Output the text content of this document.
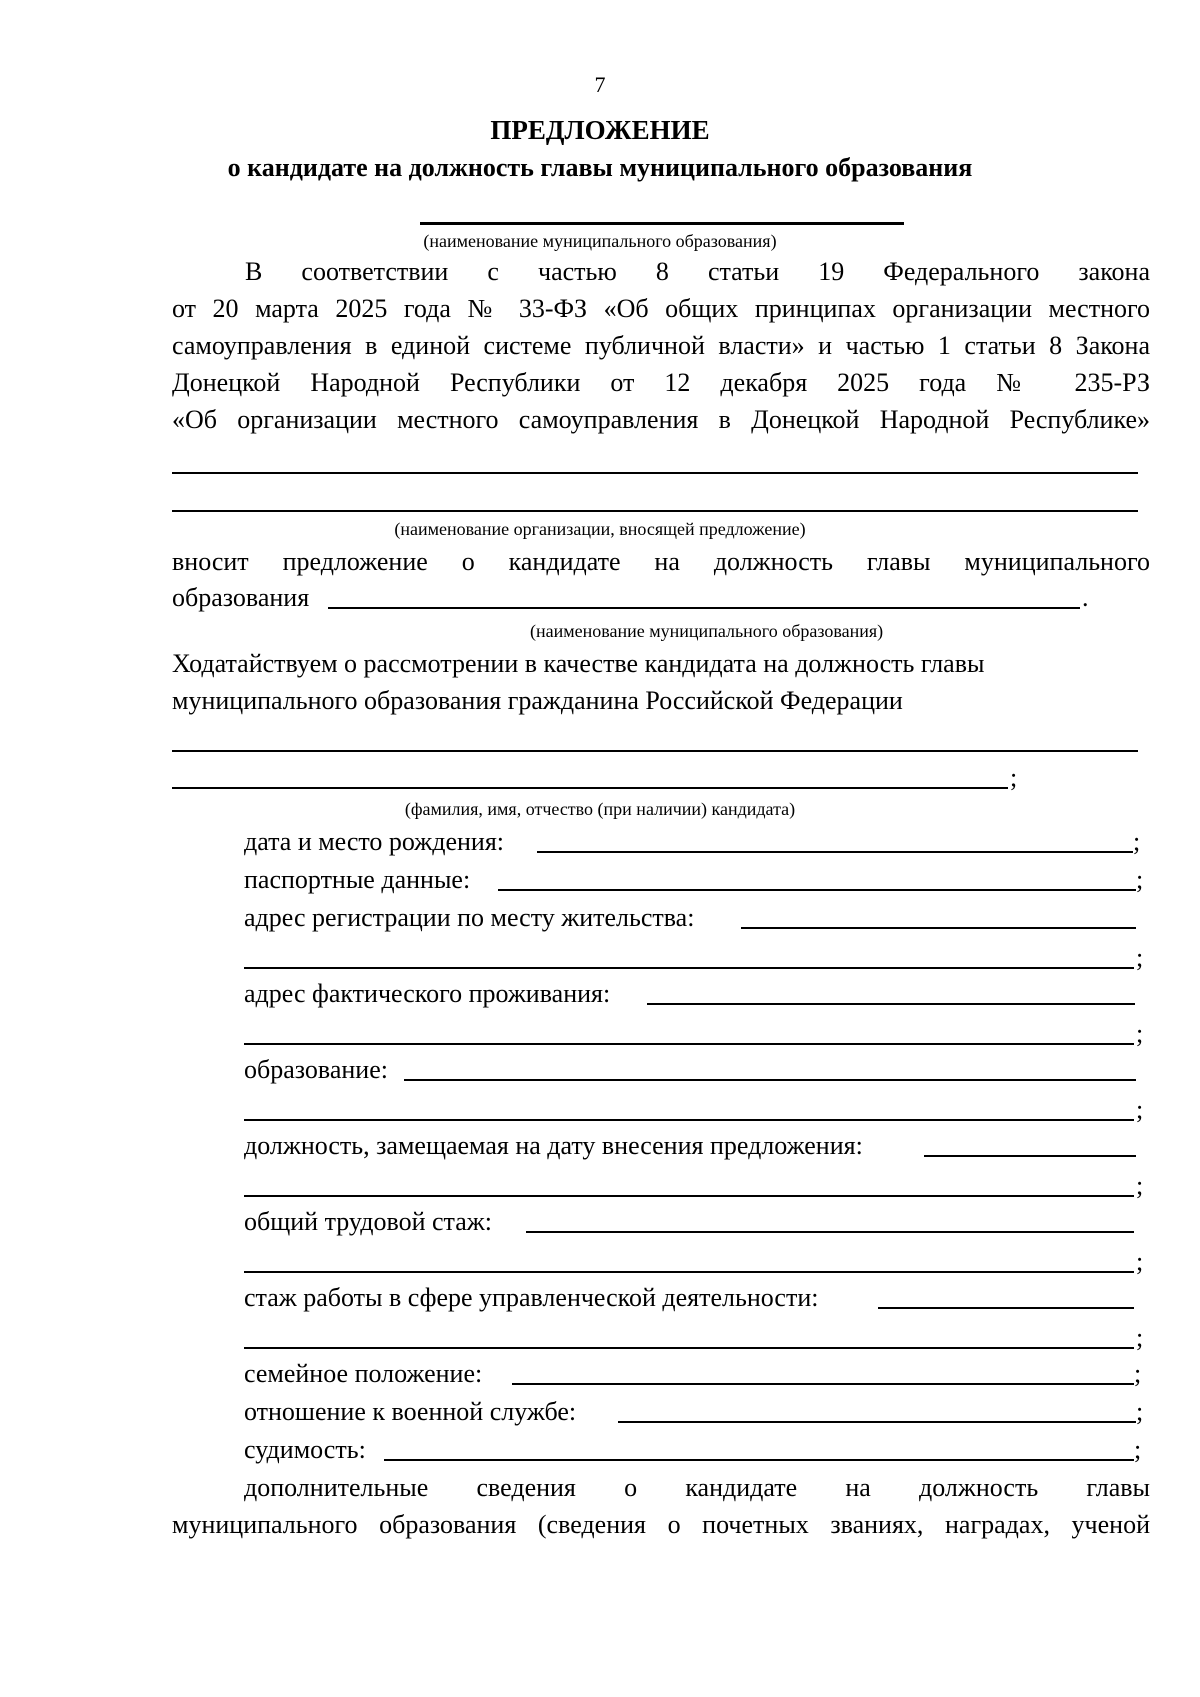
7
ПРЕДЛОЖЕНИЕ
о кандидате на должность главы муниципального образования
(наименование муниципального образования)
В соответствии с частью 8 статьи 19 Федерального закона
от 20 марта 2025 года № 33-ФЗ «Об общих принципах организации местного
самоуправления в единой системе публичной власти» и частью 1 статьи 8 Закона
Донецкой Народной Республики от 12 декабря 2025 года № 235-РЗ
«Об организации местного самоуправления в Донецкой Народной Республике»
(наименование организации, вносящей предложение)
вносит предложение о кандидате на должность главы муниципального
образования	.
(наименование муниципального образования)
Ходатайствуем о рассмотрении в качестве кандидата на должность главы
муниципального образования гражданина Российской Федерации
;
(фамилия, имя, отчество (при наличии) кандидата)
дата и место рождения:	;
паспортные данные:	;
адрес регистрации по месту жительства:
;
адрес фактического проживания:
;
образование:
;
должность, замещаемая на дату внесения предложения:
;
общий трудовой стаж:
;
стаж работы в сфере управленческой деятельности:
;
семейное положение:	;
отношение к военной службе:	;
судимость:	;
дополнительные сведения о кандидате на должность главы
муниципального образования (сведения о почетных званиях, наградах, ученой
